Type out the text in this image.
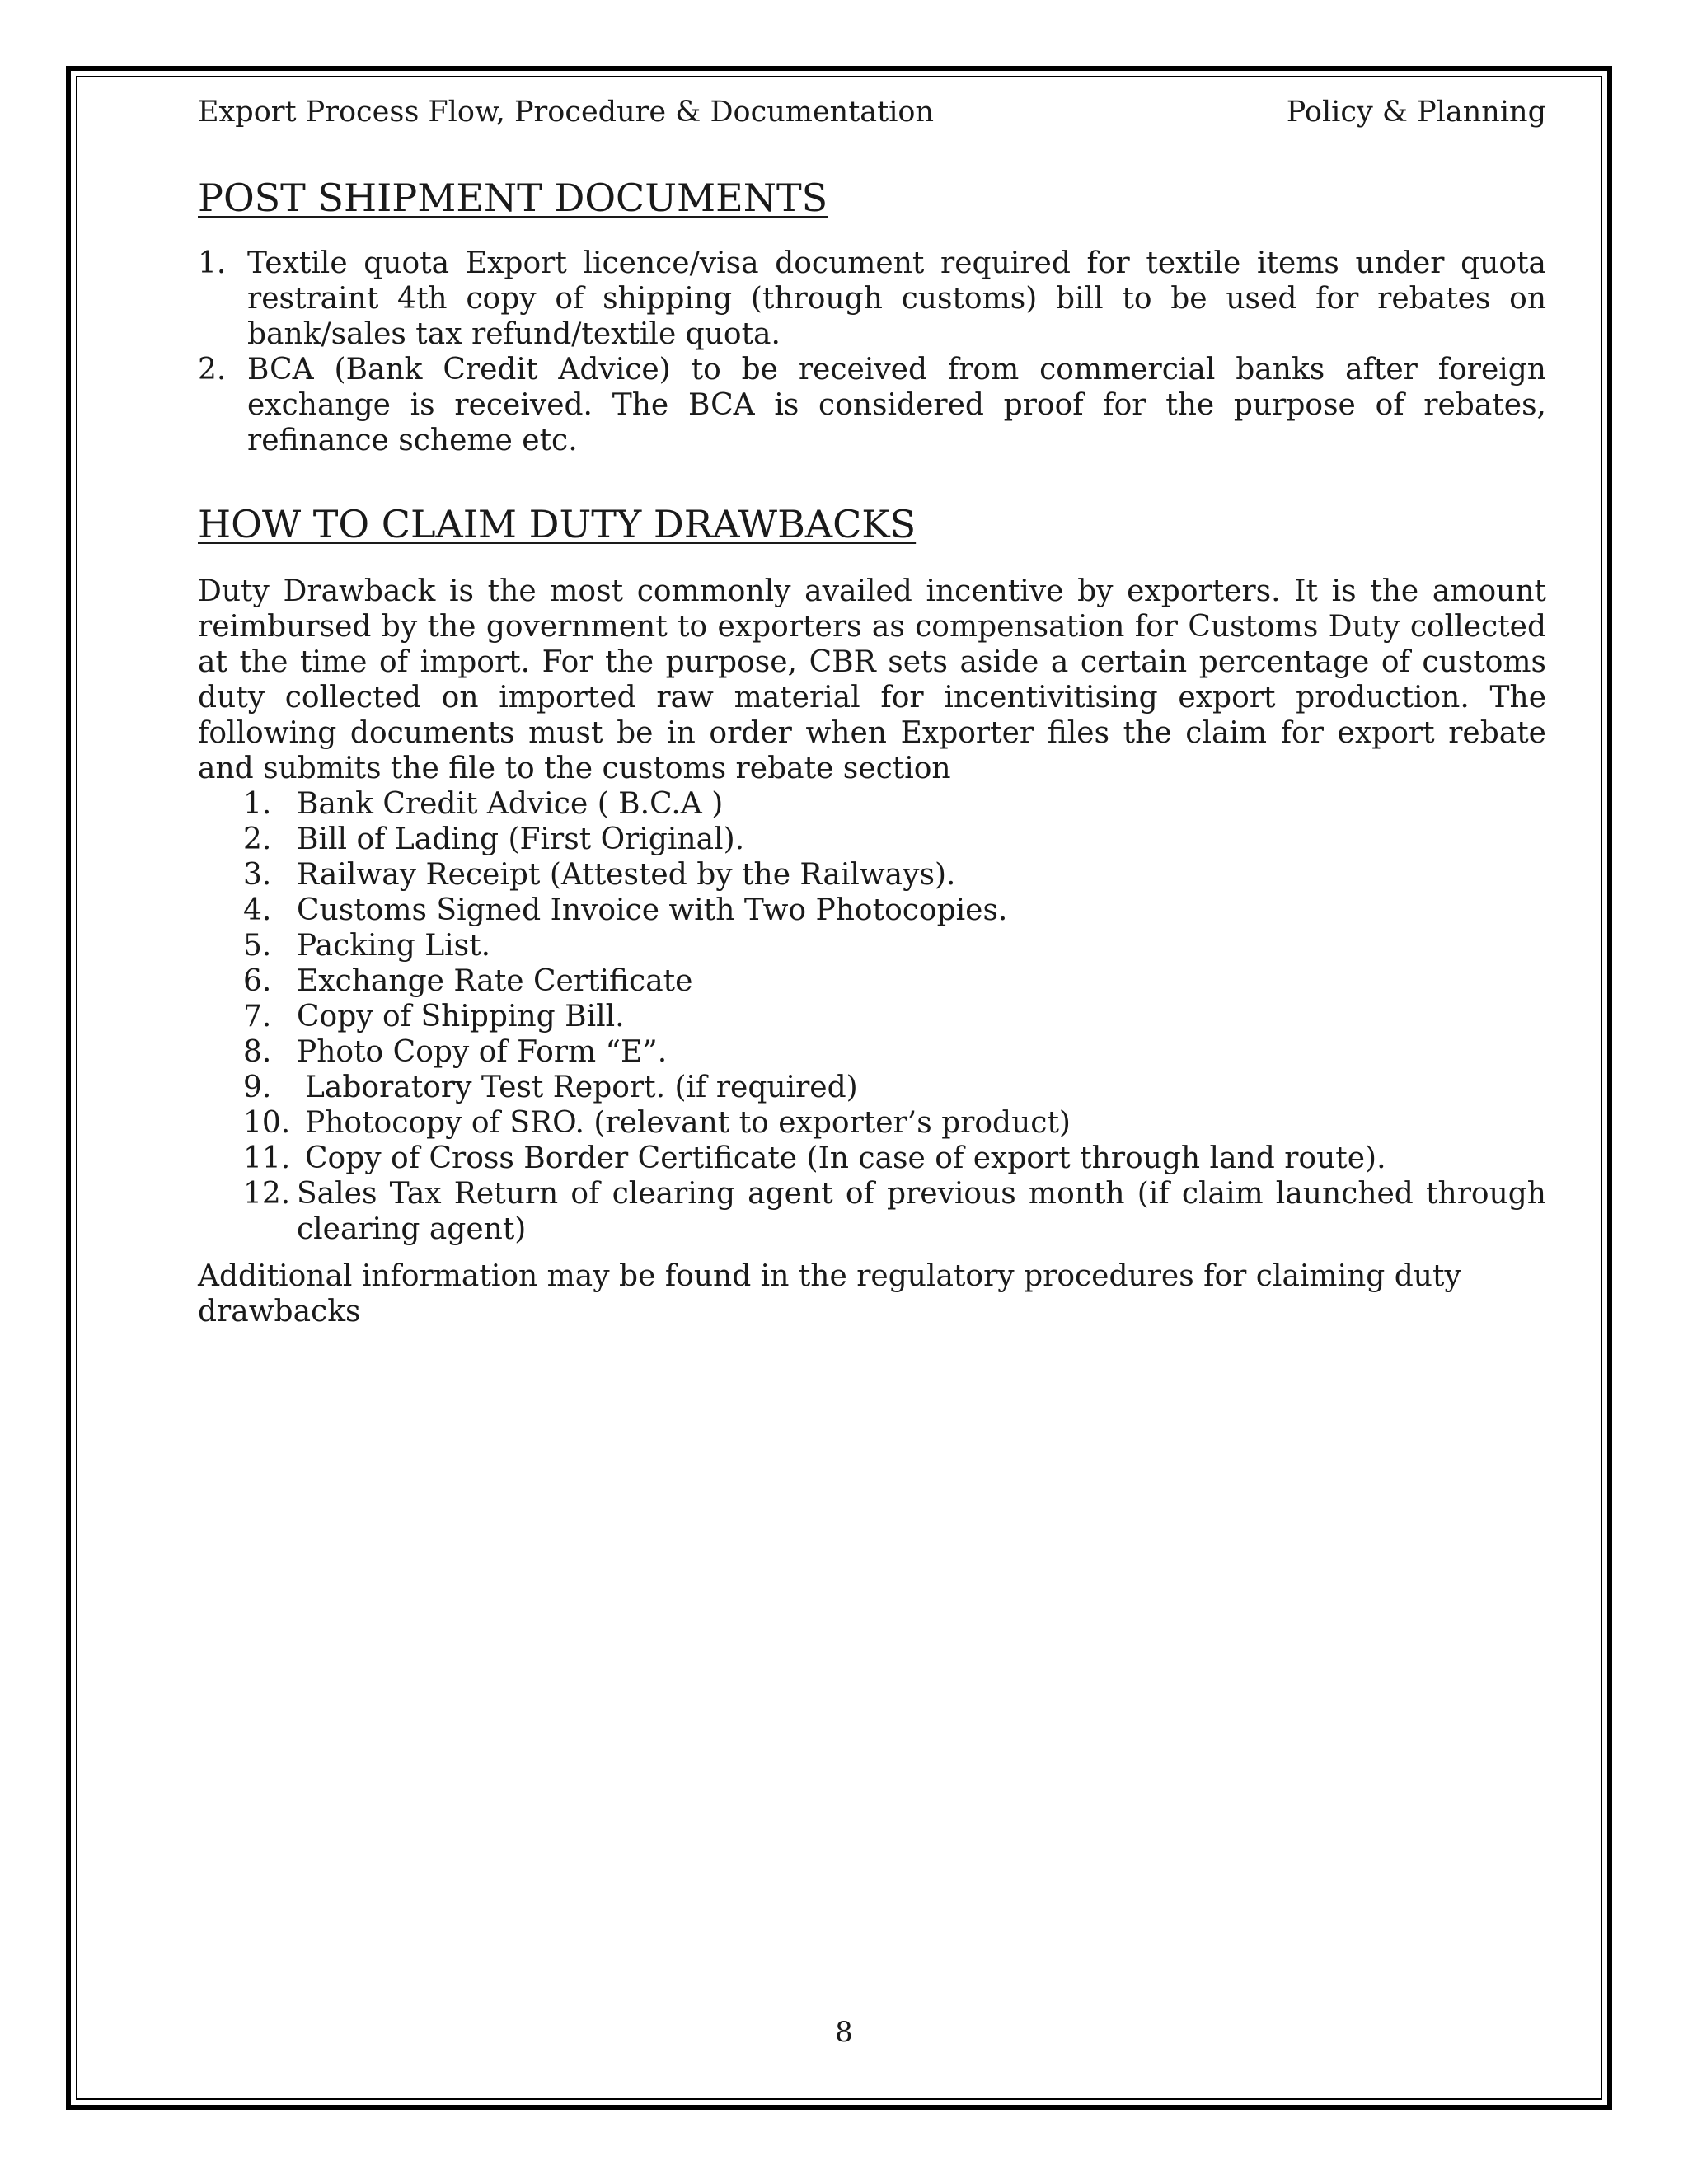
Export Process Flow, Procedure & Documentation	Policy & Planning
POST SHIPMENT DOCUMENTS
1. Textile quota Export licence/visa document required for textile items under quota restraint 4th copy of shipping (through customs) bill to be used for rebates on bank/sales tax refund/textile quota.
2. BCA (Bank Credit Advice) to be received from commercial banks after foreign exchange is received. The BCA is considered proof for the purpose of rebates, refinance scheme etc.
HOW TO CLAIM DUTY DRAWBACKS
Duty Drawback is the most commonly availed incentive by exporters. It is the amount reimbursed by the government to exporters as compensation for Customs Duty collected at the time of import. For the purpose, CBR sets aside a certain percentage of customs duty collected on imported raw material for incentivitising export production. The following documents must be in order when Exporter files the claim for export rebate and submits the file to the customs rebate section
1. Bank Credit Advice ( B.C.A )
2. Bill of Lading (First Original).
3. Railway Receipt (Attested by the Railways).
4. Customs Signed Invoice with Two Photocopies.
5. Packing List.
6. Exchange Rate Certificate
7. Copy of Shipping Bill.
8. Photo Copy of Form “E”.
9. Laboratory Test Report. (if required)
10. Photocopy of SRO. (relevant to exporter’s product)
11. Copy of Cross Border Certificate (In case of export through land route).
12. Sales Tax Return of clearing agent of previous month (if claim launched through clearing agent)
Additional information may be found in the regulatory procedures for claiming duty drawbacks
8
